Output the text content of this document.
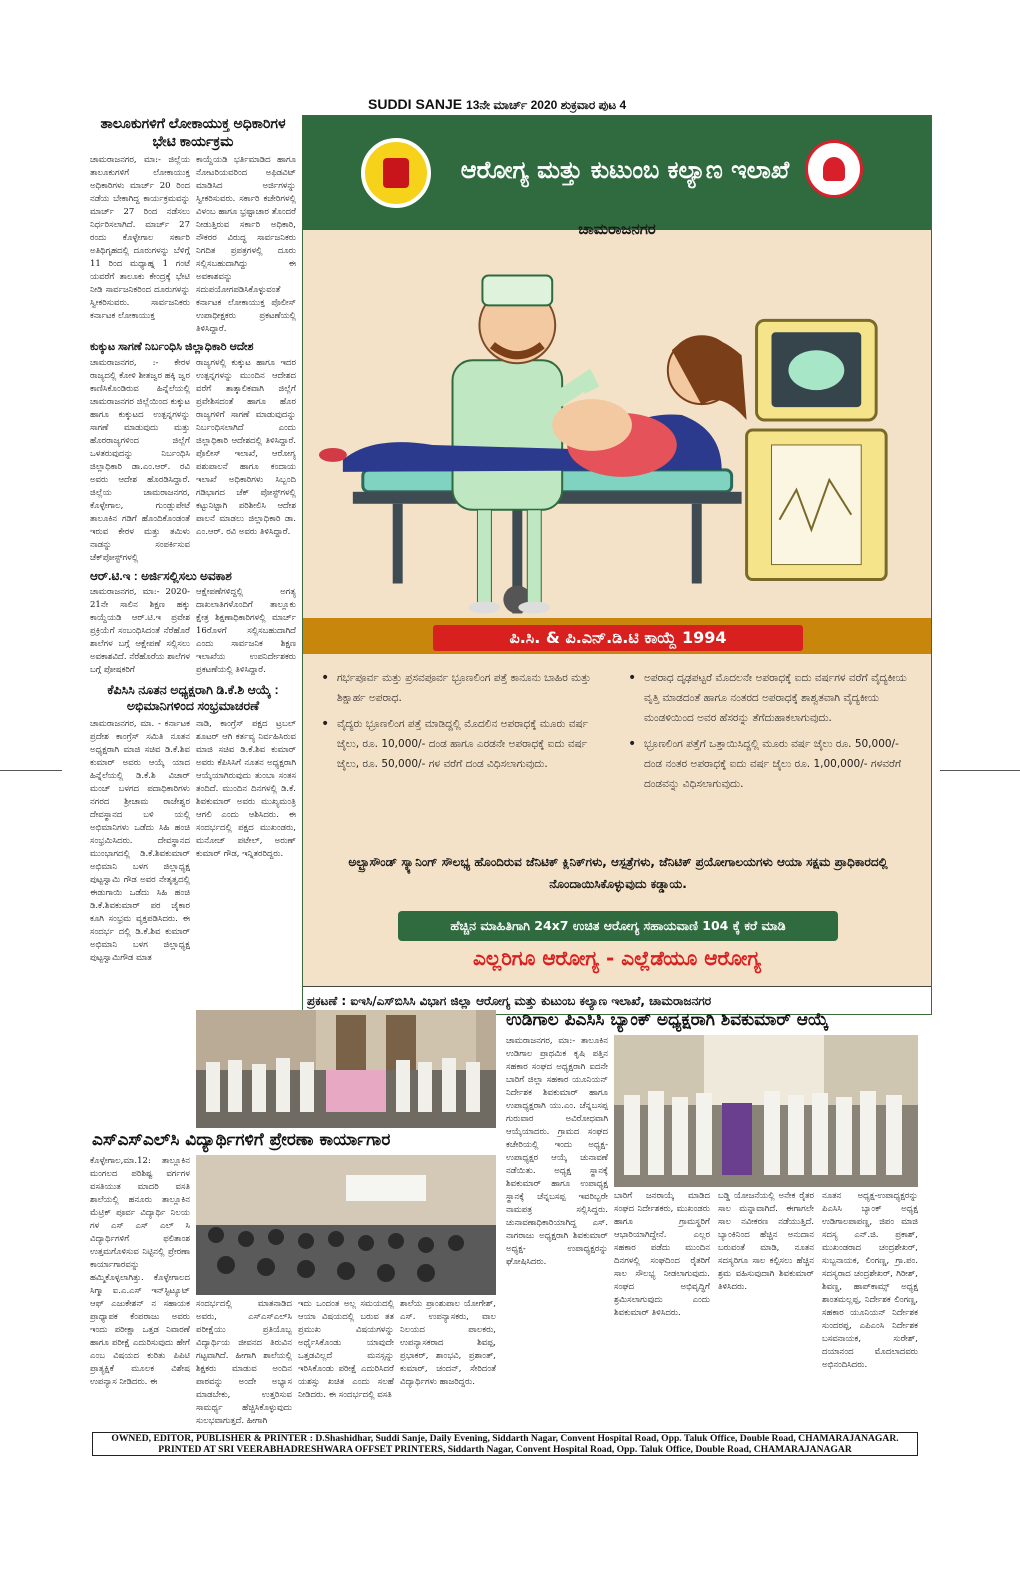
SUDDI SANJE 13ನೇ ಮಾರ್ಚ್ 2020 ಶುಕ್ರವಾರ ಪುಟ 4
ತಾಲೂಕುಗಳಿಗೆ ಲೋಕಾಯುಕ್ತ ಅಧಿಕಾರಿಗಳ ಭೇಟಿ ಕಾರ್ಯಕ್ರಮ

ಚಾಮರಾಜನಗರ, ಮಾ:- ಜಿಲ್ಲೆಯ ತಾಲೂಕುಗಳಿಗೆ ಲೋಕಾಯುಕ್ತ ಅಧಿಕಾರಿಗಳು ಮಾರ್ಚ್ 20 ರಿಂದ ನಡೆಯ ಬೇಕಾಗಿದ್ದ ಕಾರ್ಯಕ್ರಮವನ್ನು ಮಾರ್ಚ್ 27 ರಿಂದ ನಡೆಸಲು ನಿರ್ಧರಿಸಲಾಗಿದೆ. ಮಾರ್ಚ್ 27 ರಂದು ಕೊಳ್ಳೇಗಾಲ ಸರ್ಕಾರಿ ಅತಿಥಿಗೃಹದಲ್ಲಿ ದೂರುಗಳನ್ನು ಬೆಳಿಗ್ಗೆ 11 ರಿಂದ ಮಧ್ಯಾಹ್ನ 1 ಗಂಟೆ ಯವರೆಗೆ ತಾಲೂಕು ಕೇಂದ್ರಕ್ಕೆ ಭೇಟಿ ನೀಡಿ ಸಾರ್ವಜನಿಕರಿಂದ ದೂರುಗಳನ್ನು ಸ್ವೀಕರಿಸುವರು. ಸಾರ್ವಜನಿಕರು ಕರ್ನಾಟಕ ಲೋಕಾಯುಕ್ತ

ಕಾಯ್ದೆಯಡಿ ಭರ್ತಿಮಾಡಿದ ಹಾಗೂ ನೋಟರಿಯವರಿಂದ ಅಫಿಡವಿಟ್ ಮಾಡಿಸಿದ ಅರ್ಜಿಗಳನ್ನು ಸ್ವೀಕರಿಸುವರು. ಸರ್ಕಾರಿ ಕಚೇರಿಗಳಲ್ಲಿ ವಿಳಂಬ ಹಾಗೂ ಭ್ರಷ್ಟಾಚಾರ ತೊಂದರೆ ನೀಡುತ್ತಿರುವ ಸರ್ಕಾರಿ ಅಧಿಕಾರಿ, ನೌಕರರ ವಿರುದ್ಧ ಸಾರ್ವಜನಿಕರು ನಿಗದಿತ ಪ್ರಪತ್ರಗಳಲ್ಲಿ ದೂರು ಸಲ್ಲಿಸಬಹುದಾಗಿದ್ದು ಈ ಅವಕಾಶವನ್ನು ಸದುಪಯೋಗಪಡಿಸಿಕೊಳ್ಳುವಂತೆ ಕರ್ನಾಟಕ ಲೋಕಾಯುಕ್ತ ಪೊಲೀಸ್ ಉಪಾಧೀಕ್ಷಕರು ಪ್ರಕಟಣೆಯಲ್ಲಿ ತಿಳಿಸಿದ್ದಾರೆ.

ಕುಕ್ಕುಟ ಸಾಗಣೆ ನಿರ್ಬಂಧಿಸಿ ಜಿಲ್ಲಾಧಿಕಾರಿ ಆದೇಶ

ಚಾಮರಾಜನಗರ, :- ಕೇರಳ ರಾಜ್ಯದಲ್ಲಿ ಕೋಳಿ ಶೀತಜ್ವರ ಹಕ್ಕಿ ಜ್ವರ ಕಾಣಿಸಿಕೊಂಡಿರುವ ಹಿನ್ನೆಲೆಯಲ್ಲಿ ಚಾಮರಾಜನಗರ ಜಿಲ್ಲೆಯಿಂದ ಕುಕ್ಕುಟ ಹಾಗೂ ಕುಕ್ಕುಟದ ಉತ್ಪನ್ನಗಳನ್ನು ಸಾಗಣೆ ಮಾಡುವುದು ಮತ್ತು ಹೊರರಾಜ್ಯಗಳಿಂದ ಜಿಲ್ಲೆಗೆ ಒಳತರುವುದನ್ನು ನಿರ್ಬಂಧಿಸಿ ಜಿಲ್ಲಾಧಿಕಾರಿ ಡಾ.ಎಂ.ಆರ್. ರವಿ ಅವರು ಆದೇಶ ಹೊರಡಿಸಿದ್ದಾರೆ. ಜಿಲ್ಲೆಯ ಚಾಮರಾಜನಗರ, ಕೊಳ್ಳೇಗಾಲ, ಗುಂಡ್ಲುಪೇಟೆ ತಾಲೂಕಿನ ಗಡಿಗೆ ಹೊಂದಿಕೊಂಡಂತೆ ಇರುವ ಕೇರಳ ಮತ್ತು ತಮಿಳು ನಾಡನ್ನು ಸಂಪರ್ಕಿಸುವ ಚೆಕ್‌ಪೋಸ್ಟ್‌ಗಳಲ್ಲಿ

ರಾಜ್ಯಗಳಲ್ಲಿ ಕುಕ್ಕುಟ ಹಾಗೂ ಇದರ ಉತ್ಪನ್ನಗಳನ್ನು ಮುಂದಿನ ಆದೇಶದ ವರೆಗೆ ತಾತ್ಕಾಲಿಕವಾಗಿ ಜಿಲ್ಲೆಗೆ ಪ್ರವೇಶಿಸದಂತೆ ಹಾಗೂ ಹೊರ ರಾಜ್ಯಗಳಿಗೆ ಸಾಗಣೆ ಮಾಡುವುದನ್ನು ನಿರ್ಬಂಧಿಸಲಾಗಿದೆ ಎಂದು ಜಿಲ್ಲಾಧಿಕಾರಿ ಆದೇಶದಲ್ಲಿ ತಿಳಿಸಿದ್ದಾರೆ. ಪೊಲೀಸ್ ಇಲಾಖೆ, ಆರೋಗ್ಯ ಪಶುಪಾಲನೆ ಹಾಗೂ ಕಂದಾಯ ಇಲಾಖೆ ಅಧಿಕಾರಿಗಳು ಸಿಬ್ಬಂದಿ ಗಡಿಭಾಗದ ಚೆಕ್ ಪೋಸ್ಟ್‌ಗಳಲ್ಲಿ ಕಟ್ಟುನಿಟ್ಟಾಗಿ ಪರಿಶೀಲಿಸಿ ಆದೇಶ ಪಾಲನೆ ಮಾಡಲು ಜಿಲ್ಲಾಧಿಕಾರಿ ಡಾ. ಎಂ.ಆರ್. ರವಿ ಅವರು ತಿಳಿಸಿದ್ದಾರೆ.

ಆರ್.ಟಿ.ಇ : ಅರ್ಜಿಸಲ್ಲಿಸಲು ಅವಕಾಶ

ಚಾಮರಾಜನಗರ, ಮಾ:- 2020-21ನೇ ಸಾಲಿನ ಶಿಕ್ಷಣ ಹಕ್ಕು ಕಾಯ್ದೆಯಡಿ ಆರ್.ಟಿ.ಇ ಪ್ರವೇಶ ಪ್ರಕ್ರಿಯೆಗೆ ಸಂಬಂಧಿಸಿದಂತೆ ನೆರೆಹೊರೆ ಶಾಲೆಗಳ ಬಗ್ಗೆ ಆಕ್ಷೇಪಣೆ ಸಲ್ಲಿಸಲು ಅವಕಾಶವಿದೆ. ನೆರೆಹೊರೆಯ ಶಾಲೆಗಳ ಬಗ್ಗೆ ಪೋಷಕರಿಗೆ

ಆಕ್ಷೇಪಣೆಗಳಿದ್ದಲ್ಲಿ ಅಗತ್ಯ ದಾಖಲಾತಿಗಳೊಂದಿಗೆ ತಾಲ್ಲೂಕು ಕ್ಷೇತ್ರ ಶಿಕ್ಷಣಾಧಿಕಾರಿಗಳಲ್ಲಿ ಮಾರ್ಚ್ 16ರೊಳಗೆ ಸಲ್ಲಿಸಬಹುದಾಗಿದೆ ಎಂದು ಸಾರ್ವಜನಿಕ ಶಿಕ್ಷಣ ಇಲಾಖೆಯ ಉಪನಿರ್ದೇಶಕರು ಪ್ರಕಟಣೆಯಲ್ಲಿ ತಿಳಿಸಿದ್ದಾರೆ.

ಕೆಪಿಸಿಸಿ ನೂತನ ಅಧ್ಯಕ್ಷರಾಗಿ ಡಿ.ಕೆ.ಶಿ ಆಯ್ಕೆ : ಅಭಿಮಾನಿಗಳಿಂದ ಸಂಭ್ರಮಾಚರಣೆ

ಚಾಮರಾಜನಗರ, ಮಾ. - ಕರ್ನಾಟಕ ಪ್ರದೇಶ ಕಾಂಗ್ರೆಸ್ ಸಮಿತಿ ನೂತನ ಅಧ್ಯಕ್ಷರಾಗಿ ಮಾಜಿ ಸಚಿವ ಡಿ.ಕೆ.ಶಿವ ಕುಮಾರ್ ಅವರು ಆಯ್ಕೆ ಯಾದ ಹಿನ್ನೆಲೆಯಲ್ಲಿ ಡಿ.ಕೆ.ಶಿ ವಿಚಾರ್ ಮಂಚ್ ಬಳಗದ ಪದಾಧಿಕಾರಿಗಳು ನಗರದ ಶ್ರೀಚಾಮ ರಾಜೇಶ್ವರ ದೇವಸ್ಥಾನದ ಬಳಿ ಯಲ್ಲಿ ಅಭಿಮಾನಿಗಳು ಒಡೆದು ಸಿಹಿ ಹಂಚಿ ಸಂಭ್ರಮಿಸಿದರು. ದೇವಸ್ಥಾನದ ಮುಂಭಾಗದಲ್ಲಿ ಡಿ.ಕೆ.ಶಿವಕುಮಾರ್ ಅಭಿಮಾನಿ ಬಳಗ ಜಿಲ್ಲಾಧ್ಯಕ್ಷ ಪುಟ್ಟಸ್ವಾಮಿ ಗೌಡ ಅವರ ನೇತೃತ್ವದಲ್ಲಿ ಈಡುಗಾಯಿ ಒಡೆದು ಸಿಹಿ ಹಂಚಿ ಡಿ.ಕೆ.ಶಿವಕುಮಾರ್ ಪರ ಜೈಕಾರ ಕೂಗಿ ಸಂಭ್ರಮ ವ್ಯಕ್ತಪಡಿಸಿದರು. ಈ ಸಂದರ್ಭ ದಲ್ಲಿ ಡಿ.ಕೆ.ಶಿವ ಕುಮಾರ್ ಅಭಿಮಾನಿ ಬಳಗ ಜಿಲ್ಲಾಧ್ಯಕ್ಷ ಪುಟ್ಟಸ್ವಾಮಿಗೌಡ ಮಾತ

ನಾಡಿ, ಕಾಂಗ್ರೆಸ್ ಪಕ್ಷದ ಟ್ರಬಲ್ ಶೂಟರ್ ಆಗಿ ಕರ್ತವ್ಯ ನಿರ್ವಹಿಸಿರುವ ಮಾಜಿ ಸಚಿವ ಡಿ.ಕೆ.ಶಿವ ಕುಮಾರ್ ಅವರು ಕೆಪಿಸಿಸಿಗೆ ನೂತನ ಅಧ್ಯಕ್ಷರಾಗಿ ಆಯ್ಕೆಯಾಗಿರುವುದು ತುಂಬಾ ಸಂತಸ ತಂದಿದೆ. ಮುಂದಿನ ದಿನಗಳಲ್ಲಿ ಡಿ.ಕೆ. ಶಿವಕುಮಾರ್ ಅವರು ಮುಖ್ಯಮಂತ್ರಿ ಆಗಲಿ ಎಂದು ಆಶಿಸಿದರು. ಈ ಸಂದರ್ಭದಲ್ಲಿ ಪಕ್ಷದ ಮುಖಂಡರು, ಮನೋಜ್ ಪಟೇಲ್, ಅರುಣ್ ಕುಮಾರ್ ಗೌಡ, ಇನ್ನಿತರರಿದ್ದರು.

ಆರೋಗ್ಯ ಮತ್ತು ಕುಟುಂಬ ಕಲ್ಯಾಣ ಇಲಾಖೆ
ಚಾಮರಾಜನಗರ
ಪಿ.ಸಿ. & ಪಿ.ಎನ್.ಡಿ.ಟಿ ಕಾಯ್ದೆ 1994
• ಗರ್ಭಪೂರ್ವ ಮತ್ತು ಪ್ರಸವಪೂರ್ವ ಭ್ರೂಣಲಿಂಗ ಪತ್ತೆ ಕಾನೂನು ಬಾಹಿರ ಮತ್ತು ಶಿಕ್ಷಾರ್ಹ ಅಪರಾಧ.
• ವೈದ್ಯರು ಭ್ರೂಣಲಿಂಗ ಪತ್ತೆ ಮಾಡಿದ್ದಲ್ಲಿ ಮೊದಲಿನ ಅಪರಾಧಕ್ಕೆ ಮೂರು ವರ್ಷ ಜೈಲು, ರೂ. 10,000/- ದಂಡ ಹಾಗೂ ಎರಡನೇ ಅಪರಾಧಕ್ಕೆ ಐದು ವರ್ಷ ಜೈಲು, ರೂ. 50,000/- ಗಳ ವರೆಗೆ ದಂಡ ವಿಧಿಸಲಾಗುವುದು.
• ಅಪರಾಧ ದೃಢಪಟ್ಟರೆ ಮೊದಲನೇ ಅಪರಾಧಕ್ಕೆ ಐದು ವರ್ಷಗಳ ವರೆಗೆ ವೈದ್ಯಕೀಯ ವೃತ್ತಿ ಮಾಡದಂತೆ ಹಾಗೂ ನಂತರದ ಅಪರಾಧಕ್ಕೆ ಶಾಶ್ವತವಾಗಿ ವೈದ್ಯಕೀಯ ಮಂಡಳಿಯಿಂದ ಅವರ ಹೆಸರನ್ನು ತೆಗೆದುಹಾಕಲಾಗುವುದು.
• ಭ್ರೂಣಲಿಂಗ ಪತ್ತೆಗೆ ಒತ್ತಾಯಿಸಿದ್ದಲ್ಲಿ ಮೂರು ವರ್ಷ ಜೈಲು ರೂ. 50,000/- ದಂಡ ನಂತರ ಅಪರಾಧಕ್ಕೆ ಐದು ವರ್ಷ ಜೈಲು ರೂ. 1,00,000/- ಗಳವರೆಗೆ ದಂಡವನ್ನು ವಿಧಿಸಲಾಗುವುದು.
ಅಲ್ಟ್ರಾಸೌಂಡ್ ಸ್ಕ್ಯಾನಿಂಗ್ ಸೌಲಭ್ಯ ಹೊಂದಿರುವ ಜೆನಿಟಿಕ್ ಕ್ಲಿನಿಕ್‌ಗಳು, ಆಸ್ಪತ್ರೆಗಳು, ಜೆನಿಟಿಕ್ ಪ್ರಯೋಗಾಲಯಗಳು ಆಯಾ ಸಕ್ಷಮ ಪ್ರಾಧಿಕಾರದಲ್ಲಿ ನೊಂದಾಯಿಸಿಕೊಳ್ಳುವುದು ಕಡ್ಡಾಯ.
ಹೆಚ್ಚಿನ ಮಾಹಿತಿಗಾಗಿ 24x7 ಉಚಿತ ಆರೋಗ್ಯ ಸಹಾಯವಾಣಿ 104 ಕ್ಕೆ ಕರೆ ಮಾಡಿ
ಎಲ್ಲರಿಗೂ ಆರೋಗ್ಯ - ಎಲ್ಲೆಡೆಯೂ ಆರೋಗ್ಯ
ಪ್ರಕಟಣೆ : ಐಇಸಿ/ಎಸ್‌ಬಿಸಿಸಿ ವಿಭಾಗ ಜಿಲ್ಲಾ ಆರೋಗ್ಯ ಮತ್ತು ಕುಟುಂಬ ಕಲ್ಯಾಣ ಇಲಾಖೆ, ಚಾಮರಾಜನಗರ
ಎಸ್‌ಎಸ್‌ಎಲ್‌ಸಿ ವಿದ್ಯಾರ್ಥಿಗಳಿಗೆ ಪ್ರೇರಣಾ ಕಾರ್ಯಾಗಾರ
ಕೊಳ್ಳೇಗಾಲ,ಮಾ.12: ತಾಲ್ಲೂಕಿನ ಮಂಗಲದ ಪರಿಶಿಷ್ಟ ವರ್ಗಗಳ ವಸತಿಯುತ ಮಾದರಿ ವಸತಿ ಶಾಲೆಯಲ್ಲಿ ಹನೂರು ತಾಲ್ಲೂಕಿನ ಮೆಟ್ರಿಕ್ ಪೂರ್ವ ವಿದ್ಯಾರ್ಥಿ ನಿಲಯ ಗಳ ಎಸ್ ಎಸ್ ಎಲ್ ಸಿ ವಿದ್ಯಾರ್ಥಿಗಳಿಗೆ ಫಲಿತಾಂಶ ಉತ್ತಮಗೊಳಿಸುವ ನಿಟ್ಟಿನಲ್ಲಿ ಪ್ರೇರಣಾ ಕಾರ್ಯಾಗಾರವನ್ನು ಹಮ್ಮಿಕೊಳ್ಳಲಾಗಿತ್ತು. ಕೊಳ್ಳೇಗಾಲದ ಸಿಗ್ಮಾ ಐ.ಎ.ಎಸ್ ಇನ್‌ಸ್ಟಿಟ್ಯೂಟ್ ಆಫ್ ಎಜುಕೇಶನ್ ನ ಸಹಾಯಕ ಪ್ರಾಧ್ಯಾಪಕ ಕೆಂಪರಾಜು ಅವರು ಇಂದು ಪರೀಕ್ಷಾ ಒತ್ತಡ ನಿವಾರಣೆ ಹಾಗೂ ಪರೀಕ್ಷೆ ಎದುರಿಸುವುದು ಹೇಗೆ ಎಂಬ ವಿಷಯದ ಕುರಿತು ಪಿಪಿಟಿ ಪ್ರಾತ್ಯಕ್ಷಿಕೆ ಮೂಲಕ ವಿಶೇಷ ಉಪನ್ಯಾಸ ನೀಡಿದರು. ಈ
ಸಂದರ್ಭದಲ್ಲಿ ಮಾತನಾಡಿದ ಅವರು, ಎಸ್‌ಎಸ್‌ಎಲ್‌ಸಿ ಪರೀಕ್ಷೆಯು ಪ್ರತಿಯೊಬ್ಬ ವಿದ್ಯಾರ್ಥಿಯ ಜೀವನದ ತಿರುವಿನ ಗಟ್ಟವಾಗಿದೆ. ಹೀಗಾಗಿ ಶಾಲೆಯಲ್ಲಿ ಶಿಕ್ಷಕರು ಮಾಡುವ ಅಂದಿನ ಪಾಠವನ್ನು ಅಂದೇ ಅಭ್ಯಾಸ ಮಾಡಬೇಕು, ಉತ್ತರಿಸುವ ಸಾಮರ್ಥ್ಯ ಹೆಚ್ಚಿಸಿಕೊಳ್ಳುವುದು ಸುಲಭವಾಗುತ್ತದೆ. ಹೀಗಾಗಿ
ಇದು ಒಂದಂತ ಅಲ್ಲ ಸಮಯದಲ್ಲಿ ಆಯಾ ವಿಷಯದಲ್ಲಿ ಬರುವ ತತ ಪ್ರಮುಖ ವಿಷಯಗಳನ್ನು ಅರ್ಥೈಸಿಕೊಂಡು ಯಾವುದೇ ಒತ್ತಡವಿಲ್ಲದೆ ಮನಸ್ಸನ್ನು ಇರಿಸಿಕೊಂಡು ಪರೀಕ್ಷೆ ಎದುರಿಸಿದರೆ ಯಶಸ್ಸು ಖಚಿತ ಎಂದು ಸಲಹೆ ನೀಡಿದರು. ಈ ಸಂದರ್ಭದಲ್ಲಿ ವಸತಿ
ಶಾಲೆಯ ಪ್ರಾಂಶುಪಾಲ ಯೋಗೇಶ್, ಎಸ್. ಉಪನ್ಯಾಸಕರು, ವಾಲ ನಿಲಯದ ಪಾಲಕರು, ಉಪನ್ಯಾಸಕರಾದ ಶಿವಪ್ಪ, ಪ್ರಭಾಕರ್, ಶಾಂಭವಿ, ಪ್ರಶಾಂತ್, ಕುಮಾರ್, ಚಂದನ್, ಸೇರಿದಂತೆ ವಿದ್ಯಾರ್ಥಿಗಳು ಹಾಜರಿದ್ದರು.
ಉಡಿಗಾಲ ಪಿಎಸಿಸಿ ಬ್ಯಾಂಕ್ ಅಧ್ಯಕ್ಷರಾಗಿ ಶಿವಕುಮಾರ್ ಆಯ್ಕೆ
ಚಾಮರಾಜನಗರ, ಮಾ:- ತಾಲೂಕಿನ ಉಡಿಗಾಲ ಪ್ರಾಥಮಿಕ ಕೃಷಿ ಪತ್ತಿನ ಸಹಕಾರ ಸಂಘದ ಅಧ್ಯಕ್ಷರಾಗಿ ಐದನೇ ಬಾರಿಗೆ ಜಿಲ್ಲಾ ಸಹಕಾರ ಯೂನಿಯನ್ ನಿರ್ದೇಶಕ ಶಿವಕುಮಾರ್ ಹಾಗೂ ಉಪಾಧ್ಯಕ್ಷರಾಗಿ ಯು.ಎಂ. ಚೆನ್ನಬಸಪ್ಪ ಗುರುವಾರ ಅವಿರೋಧವಾಗಿ ಆಯ್ಕೆಯಾದರು. ಗ್ರಾಮದ ಸಂಘದ ಕಚೇರಿಯಲ್ಲಿ ಇಂದು ಅಧ್ಯಕ್ಷ-ಉಪಾಧ್ಯಕ್ಷರ ಆಯ್ಕೆ ಚುನಾವಣೆ ನಡೆಯಿತು. ಅಧ್ಯಕ್ಷ ಸ್ಥಾನಕ್ಕೆ ಶಿವಕುಮಾರ್ ಹಾಗೂ ಉಪಾಧ್ಯಕ್ಷ ಸ್ಥಾನಕ್ಕೆ ಚೆನ್ನಬಸಪ್ಪ ಇವರಿಬ್ಬರೇ ನಾಮಪತ್ರ ಸಲ್ಲಿಸಿದ್ದರು. ಚುನಾವಣಾಧಿಕಾರಿಯಾಗಿದ್ದ ಎಸ್. ನಾಗರಾಜು ಅಧ್ಯಕ್ಷರಾಗಿ ಶಿವಕುಮಾರ್ ಅಧ್ಯಕ್ಷ- ಉಪಾಧ್ಯಕ್ಷರನ್ನು ಘೋಷಿಸಿದರು.
ಬಾರಿಗೆ ಜನರಾಯ್ಕೆ ಮಾಡಿದ ಸಂಘದ ನಿರ್ದೇಶಕರು, ಮುಖಂಡರು ಹಾಗೂ ಗ್ರಾಮಸ್ಥರಿಗೆ ಆಭಾರಿಯಾಗಿದ್ದೇನೆ. ಎಲ್ಲರ ಸಹಕಾರ ಪಡೆದು ಮುಂದಿನ ದಿನಗಳಲ್ಲಿ ಸಂಘದಿಂದ ರೈತರಿಗೆ ಸಾಲ ಸೌಲಭ್ಯ ನೀಡಲಾಗುವುದು. ಸಂಘದ ಅಭಿವೃದ್ಧಿಗೆ ಶ್ರಮಿಸಲಾಗುವುದು ಎಂದು ಶಿವಕುಮಾರ್ ತಿಳಿಸಿದರು.
ಬಡ್ಡಿ ಯೋಜನೆಯಲ್ಲಿ ಅನೇಕ ರೈತರ ಸಾಲ ಮನ್ನಾವಾಗಿದೆ. ಈಗಾಗಲೇ ಸಾಲ ನವೀಕರಣ ನಡೆಯುತ್ತಿದೆ. ಬ್ಯಾಂಕಿನಿಂದ ಹೆಚ್ಚಿನ ಅನುದಾನ ಬರುವಂತೆ ಮಾಡಿ, ನೂತನ ಸದಸ್ಯರಿಗೂ ಸಾಲ ಕಲ್ಪಿಸಲು ಹೆಚ್ಚಿನ ಶ್ರಮ ವಹಿಸುವುದಾಗಿ ಶಿವಕುಮಾರ್ ತಿಳಿಸಿದರು.
ನೂತನ ಅಧ್ಯಕ್ಷ-ಉಪಾಧ್ಯಕ್ಷರನ್ನು ಪಿಎಸಿಸಿ ಬ್ಯಾಂಕ್ ಅಧ್ಯಕ್ಷ ಉಡಿಗಾಲಪಾಪಣ್ಣ, ಜಿಪಂ ಮಾಜಿ ಸದಸ್ಯ ಎನ್.ಜಿ. ಪ್ರಕಾಶ್, ಮುಖಂಡರಾದ ಚಂದ್ರಶೇಖರ್, ಸುಬ್ಬನಾಯಕ, ಲಿಂಗಣ್ಣ, ಗ್ರಾ.ಪಂ. ಸದಸ್ಯರಾದ ಚಂದ್ರಶೇಖರ್, ಗಿರೀಶ್, ಶಿವಣ್ಣ, ಹಾಪ್‌ಕಾಮ್ಸ್ ಅಧ್ಯಕ್ಷ ಶಾಂತಮಲ್ಲಪ್ಪ, ನಿರ್ದೇಶಕ ಲಿಂಗಣ್ಣ, ಸಹಕಾರ ಯೂನಿಯನ್ ನಿರ್ದೇಶಕ ಸುಂದರಪ್ಪ, ಎಪಿಎಂಸಿ ನಿರ್ದೇಶಕ ಬಸವನಾಯಕ, ಸುರೇಶ್, ದಯಾನಂದ ಮೊದಲಾದವರು ಅಭಿನಂದಿಸಿದರು.
OWNED, EDITOR, PUBLISHER & PRINTER : D.Shashidhar, Suddi Sanje, Daily Evening, Siddarth Nagar, Convent Hospital Road, Opp. Taluk Office, Double Road, CHAMARAJANAGAR.
PRINTED AT SRI VEERABHADRESHWARA OFFSET PRINTERS, Siddarth Nagar, Convent Hospital Road, Opp. Taluk Office, Double Road, CHAMARAJANAGAR
